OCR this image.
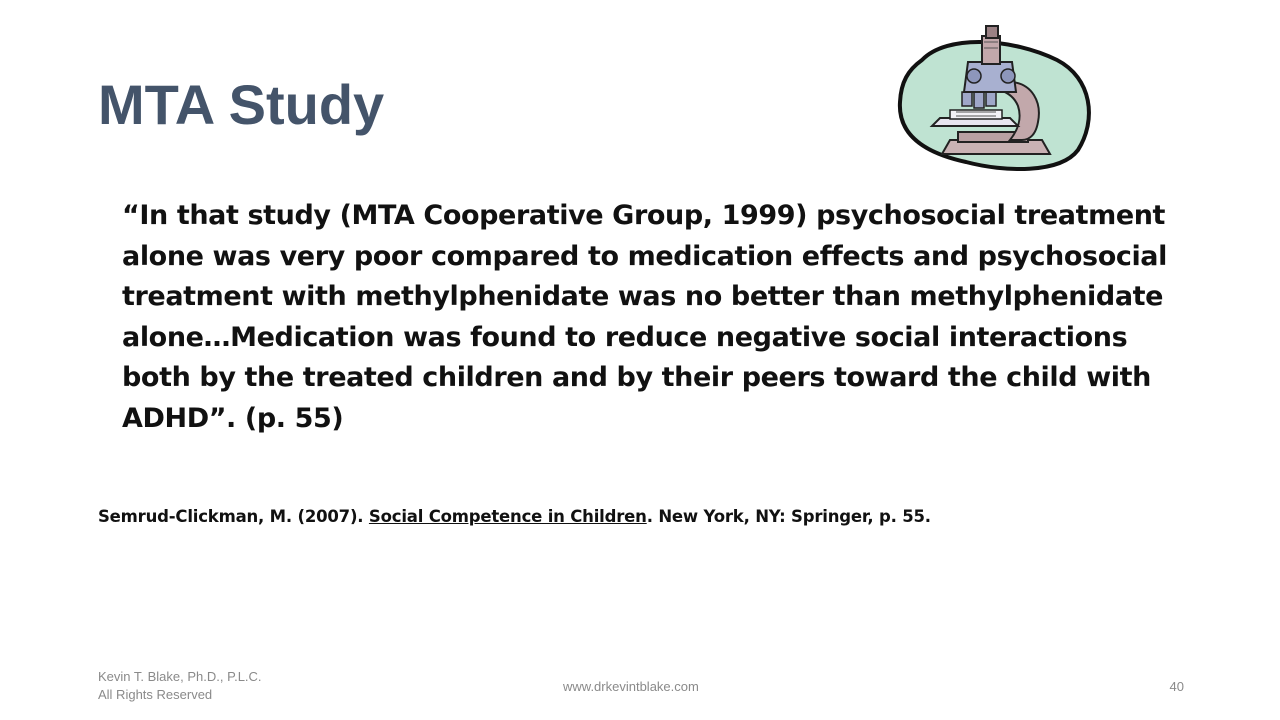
MTA Study

“In that study (MTA Cooperative Group, 1999) psychosocial treatment alone was very poor compared to medication effects and psychosocial treatment with methylphenidate was no better than methylphenidate alone…Medication was found to reduce negative social interactions both by the treated children and by their peers toward the child with ADHD”. (p. 55)

Semrud-Clickman, M. (2007). Social Competence in Children. New York, NY: Springer, p. 55.

Kevin T. Blake, Ph.D., P.L.C.
All Rights Reserved
www.drkevintblake.com	40
